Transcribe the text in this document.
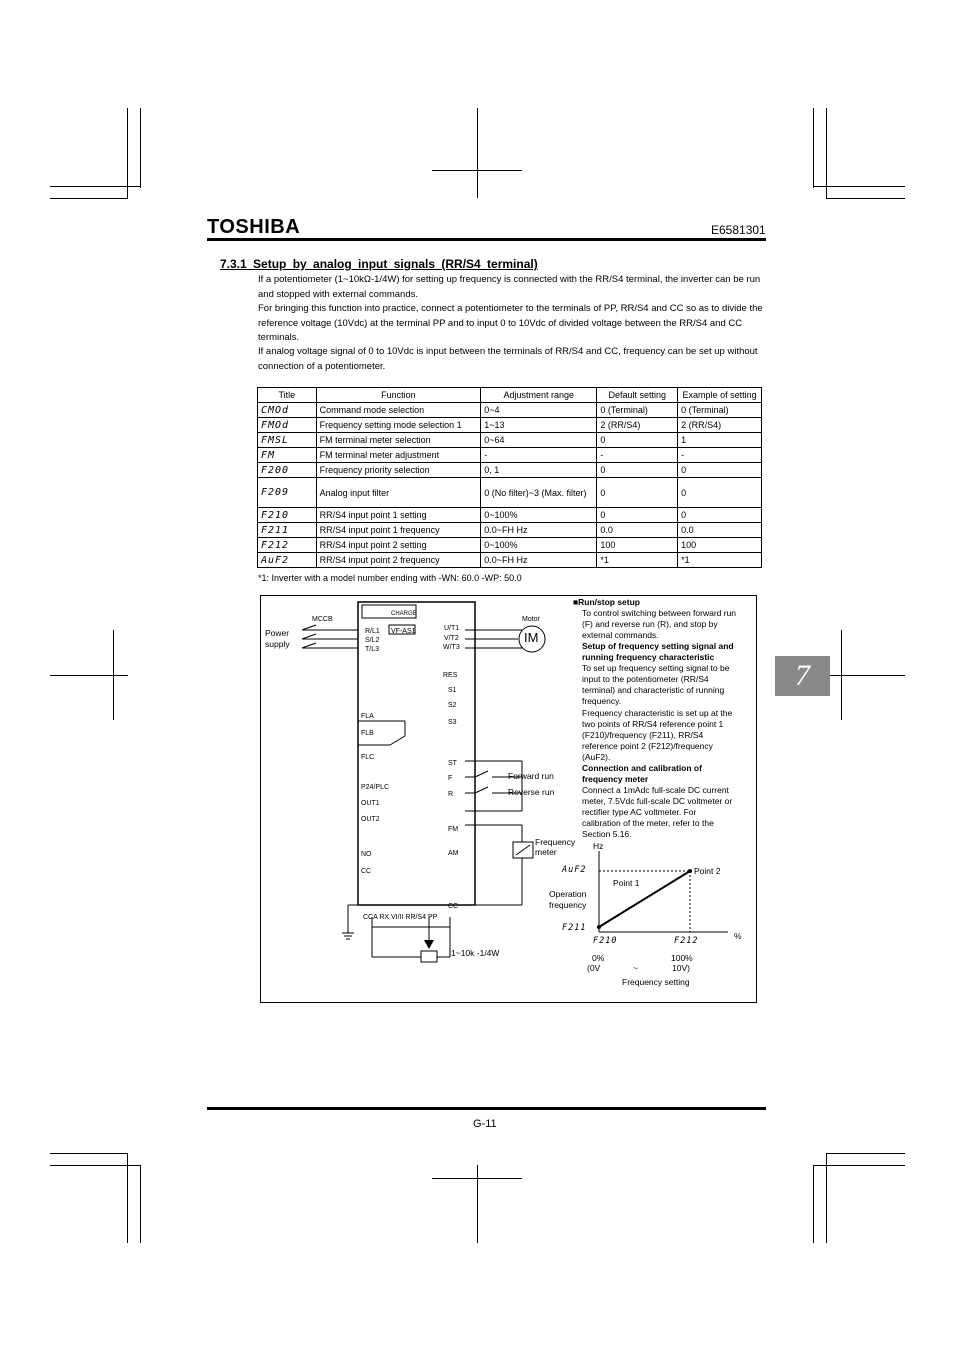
TOSHIBA	E6581301
7.3.1 Setup by analog input signals (RR/S4 terminal)
If a potentiometer (1~10kΩ-1/4W) for setting up frequency is connected with the RR/S4 terminal, the inverter can be run and stopped with external commands.
For bringing this function into practice, connect a potentiometer to the terminals of PP, RR/S4 and CC so as to divide the reference voltage (10Vdc) at the terminal PP and to input 0 to 10Vdc of divided voltage between the RR/S4 and CC terminals.
If analog voltage signal of 0 to 10Vdc is input between the terminals of RR/S4 and CC, frequency can be set up without connection of a potentiometer.
Title	Function	Adjustment range	Default setting	Example of setting
CMOd	Command mode selection	0~4	0 (Terminal)	0 (Terminal)
FMOd	Frequency setting mode selection 1	1~13	2 (RR/S4)	2 (RR/S4)
FMSL	FM terminal meter selection	0~64	0	1
FM	FM terminal meter adjustment	-	-	-
F200	Frequency priority selection	0, 1	0	0
F209	Analog input filter	0 (No filter)~3 (Max. filter)	0	0
F210	RR/S4 input point 1 setting	0~100%	0	0
F211	RR/S4 input point 1 frequency	0.0~FH Hz	0.0	0.0
F212	RR/S4 input point 2 setting	0~100%	100	100
AuF2	RR/S4 input point 2 frequency	0.0~FH Hz	*1	*1
*1: Inverter with a model number ending with -WN: 60.0 -WP: 50.0
MCCB
CHARGE
VF-AS1
Power
supply
R/L1
S/L2
T/L3
U/T1
V/T2
W/T3
Motor
IM
RES
S1
S2
S3
ST
F
R
FM
AM
CC
FLA
FLB
FLC
P24/PLC
OUT1
OUT2
NO
CC
CCA RX VI/II RR/S4 PP
Forward run
Reverse run
Frequency
meter
1~10k -1/4W
■Run/stop setup
To control switching between forward run
(F) and reverse run (R), and stop by
external commands.
Setup of frequency setting signal and
running frequency characteristic
To set up frequency setting signal to be
input to the potentiometer (RR/S4
terminal) and characteristic of running
frequency.
Frequency characteristic is set up at the
two points of RR/S4 reference point 1
(F210)/frequency (F211), RR/S4
reference point 2 (F212)/frequency
(AuF2).
Connection and calibration of
frequency meter
Connect a 1mAdc full-scale DC current
meter, 7.5Vdc full-scale DC voltmeter or
rectifier type AC voltmeter. For
calibration of the meter, refer to the
Section 5.16.
Hz
AuF2	Point 2
Point 1
Operation
frequency
F211
%
F210	F212
0%
(0V	~
100%
10V)
Frequency setting
7
G-11
